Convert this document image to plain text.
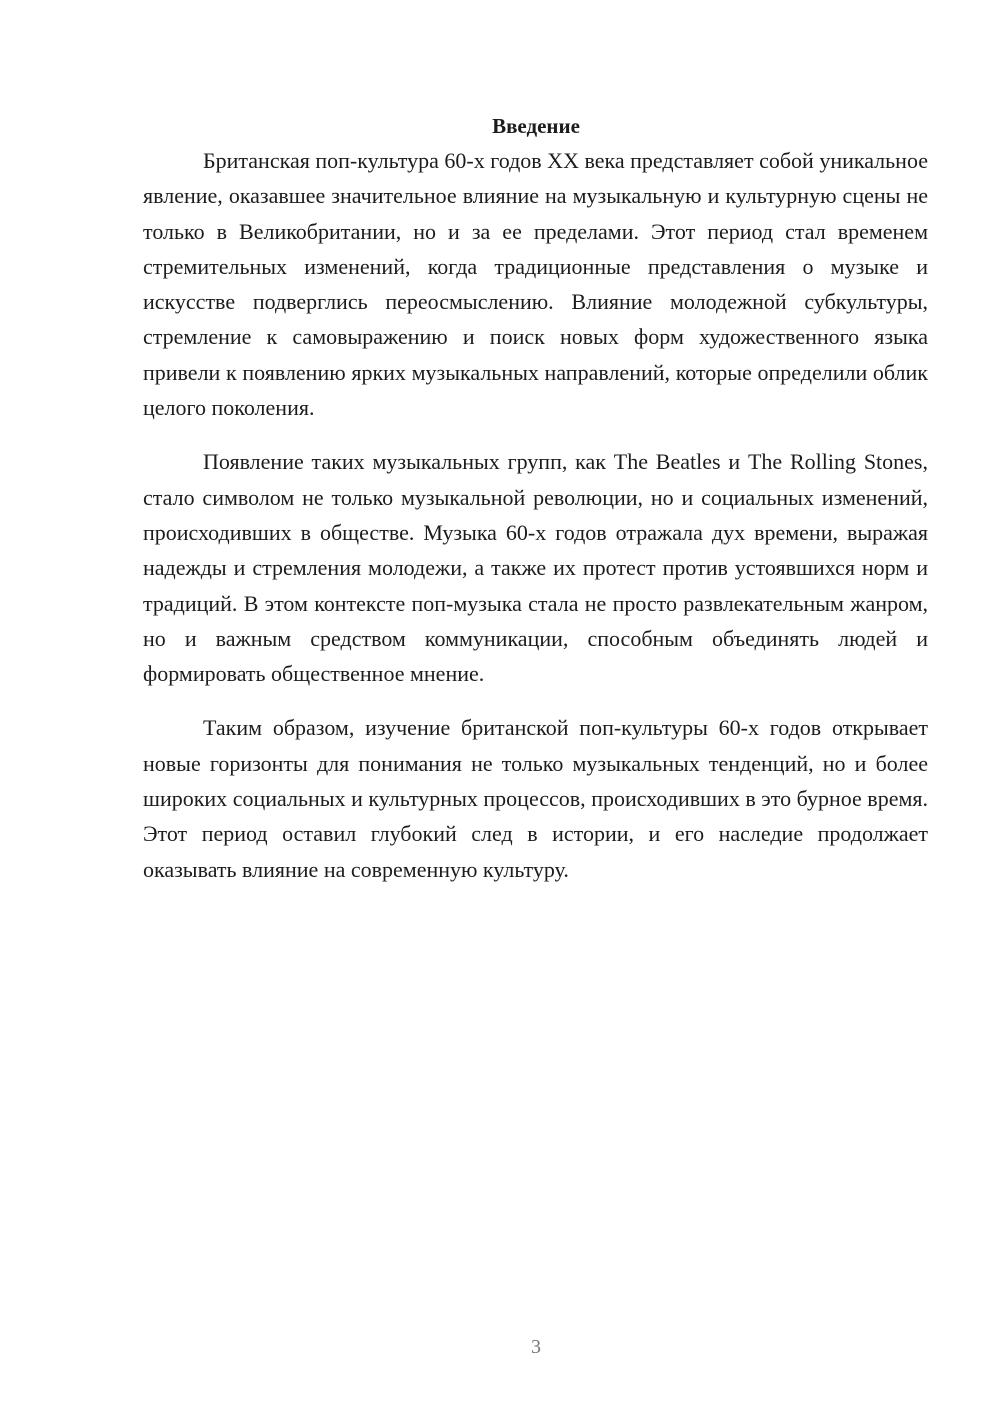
Введение

Британская поп-культура 60-х годов XX века представляет собой уникальное явление, оказавшее значительное влияние на музыкальную и культурную сцены не только в Великобритании, но и за ее пределами. Этот период стал временем стремительных изменений, когда традиционные представления о музыке и искусстве подверглись переосмыслению. Влияние молодежной субкультуры, стремление к самовыражению и поиск новых форм художественного языка привели к появлению ярких музыкальных направлений, которые определили облик целого поколения.

Появление таких музыкальных групп, как The Beatles и The Rolling Stones, стало символом не только музыкальной революции, но и социальных изменений, происходивших в обществе. Музыка 60-х годов отражала дух времени, выражая надежды и стремления молодежи, а также их протест против устоявшихся норм и традиций. В этом контексте поп-музыка стала не просто развлекательным жанром, но и важным средством коммуникации, способным объединять людей и формировать общественное мнение.

Таким образом, изучение британской поп-культуры 60-х годов открывает новые горизонты для понимания не только музыкальных тенденций, но и более широких социальных и культурных процессов, происходивших в это бурное время. Этот период оставил глубокий след в истории, и его наследие продолжает оказывать влияние на современную культуру.

3
